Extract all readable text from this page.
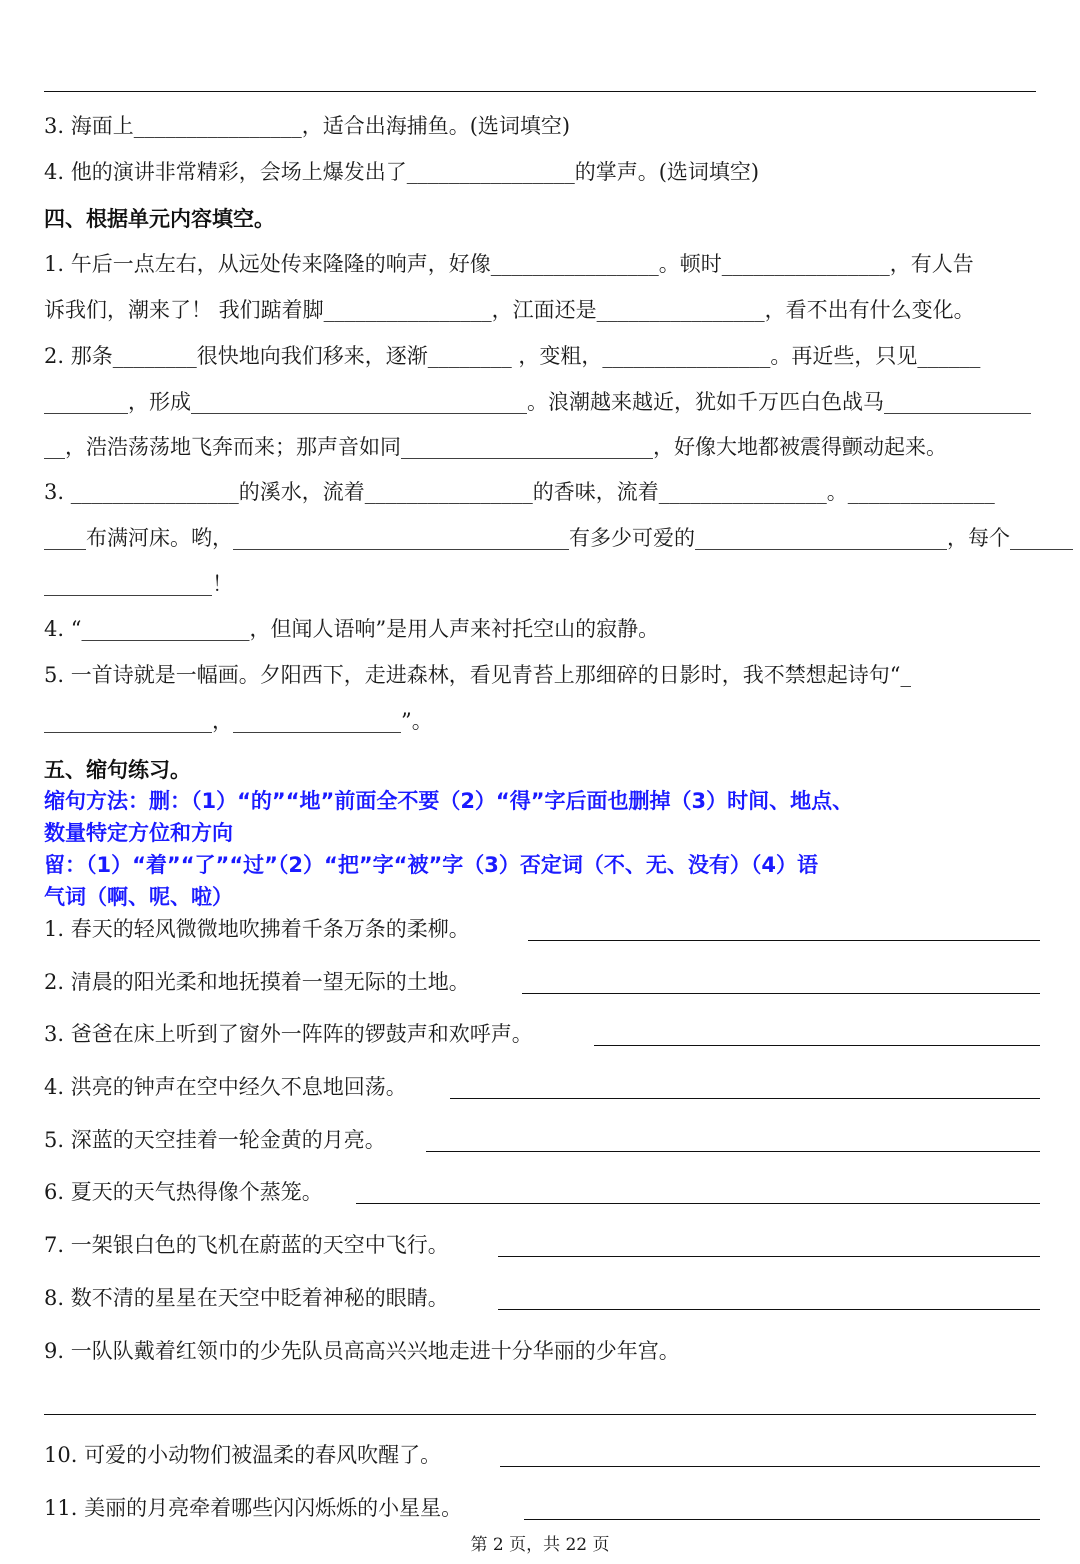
3. 海面上________________，适合出海捕鱼。(选词填空)
4. 他的演讲非常精彩，会场上爆发出了________________的掌声。(选词填空)
四、根据单元内容填空。
1. 午后一点左右，从远处传来隆隆的响声，好像________________。顿时________________，有人告
诉我们，潮来了！ 我们踮着脚________________，江面还是________________，看不出有什么变化。
2. 那条________很快地向我们移来，逐渐________ ，变粗，________________。再近些，只见______
________，形成________________________________。浪潮越来越近，犹如千万匹白色战马______________
__，浩浩荡荡地飞奔而来；那声音如同________________________，好像大地都被震得颤动起来。
3. ________________的溪水，流着________________的香味，流着________________。______________
____布满河床。哟，________________________________有多少可爱的________________________，每个______
________________！
4. “________________，但闻人语响”是用人声来衬托空山的寂静。
5. 一首诗就是一幅画。夕阳西下，走进森林，看见青苔上那细碎的日影时，我不禁想起诗句“_
________________，________________”。
五、缩句练习。
缩句方法：删：（1）“的”“地”前面全不要（2）“得”字后面也删掉（3）时间、地点、
数量特定方位和方向
留：（1）“着”“了”“过”（2）“把”字“被”字（3）否定词（不、无、没有）（4）语
气词（啊、呢、啦）
1. 春天的轻风微微地吹拂着千条万条的柔柳。
2. 清晨的阳光柔和地抚摸着一望无际的土地。
3. 爸爸在床上听到了窗外一阵阵的锣鼓声和欢呼声。
4. 洪亮的钟声在空中经久不息地回荡。
5. 深蓝的天空挂着一轮金黄的月亮。
6. 夏天的天气热得像个蒸笼。
7. 一架银白色的飞机在蔚蓝的天空中飞行。
8. 数不清的星星在天空中眨着神秘的眼睛。
9. 一队队戴着红领巾的少先队员高高兴兴地走进十分华丽的少年宫。
10. 可爱的小动物们被温柔的春风吹醒了。
11. 美丽的月亮牵着哪些闪闪烁烁的小星星。
第 2 页，共 22 页
